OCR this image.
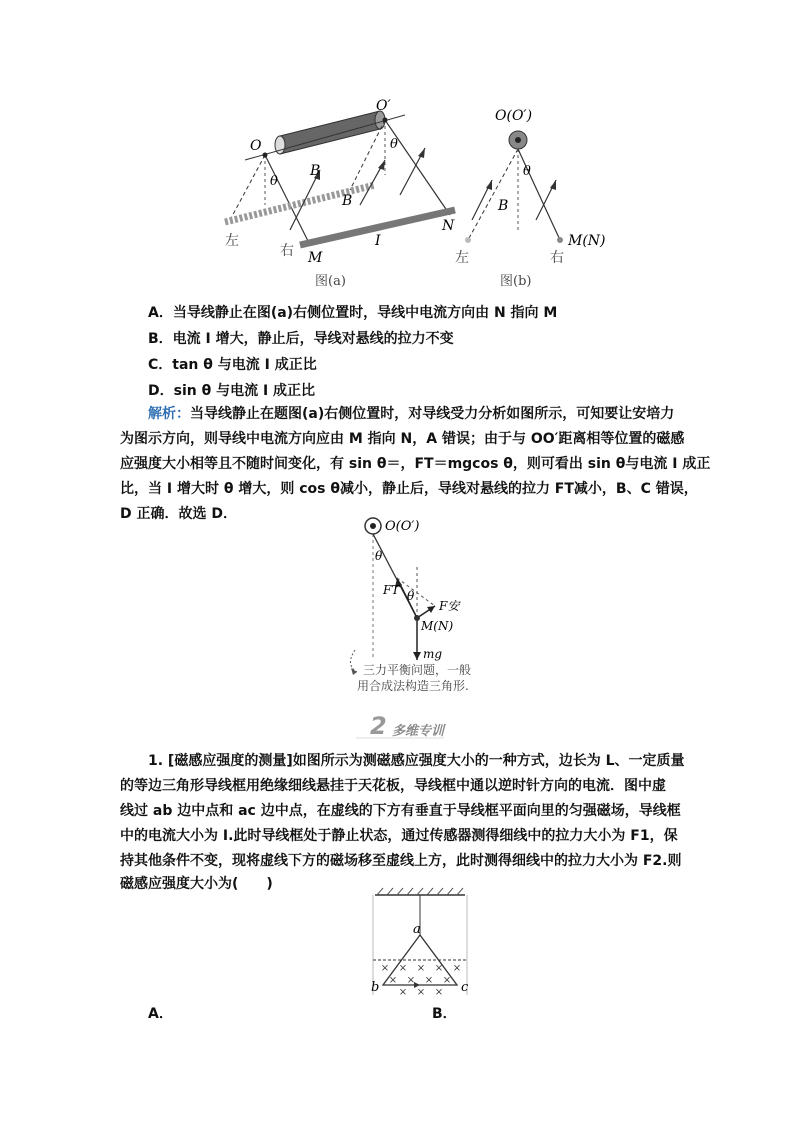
O
O′
θ
θ
B
B
I
M
N
左
右
图(a)
O(O′)
θ
B
M(N)
左	右
图(b)
A．当导线静止在图(a)右侧位置时，导线中电流方向由 N 指向 M
B．电流 I 增大，静止后，导线对悬线的拉力不变
C．tan θ 与电流 I 成正比
D．sin θ 与电流 I 成正比
解析：当导线静止在题图(a)右侧位置时，对导线受力分析如图所示，可知要让安培力
为图示方向，则导线中电流方向应由 M 指向 N，A 错误；由于与 OO′距离相等位置的磁感
应强度大小相等且不随时间变化，有 sin θ＝，FT＝mgcos θ，则可看出 sin θ与电流 I 成正
比，当 I 增大时 θ 增大，则 cos θ减小，静止后，导线对悬线的拉力 FT减小，B、C 错误，
D 正确．故选 D．
O(O′)
θ
FT θ
F安
M(N)
mg
三力平衡问题，一般
用合成法构造三角形.
2 多维专训
1. [磁感应强度的测量]如图所示为测磁感应强度大小的一种方式，边长为 L、一定质量
的等边三角形导线框用绝缘细线悬挂于天花板，导线框中通以逆时针方向的电流．图中虚
线过 ab 边中点和 ac 边中点，在虚线的下方有垂直于导线框平面向里的匀强磁场，导线框
中的电流大小为 I.此时导线框处于静止状态，通过传感器测得细线中的拉力大小为 F1，保
持其他条件不变，现将虚线下方的磁场移至虚线上方，此时测得细线中的拉力大小为 F2.则
磁感应强度大小为(　　)
× × × × ×
× × × ×
× × ×
a
b	c
A．	B．
